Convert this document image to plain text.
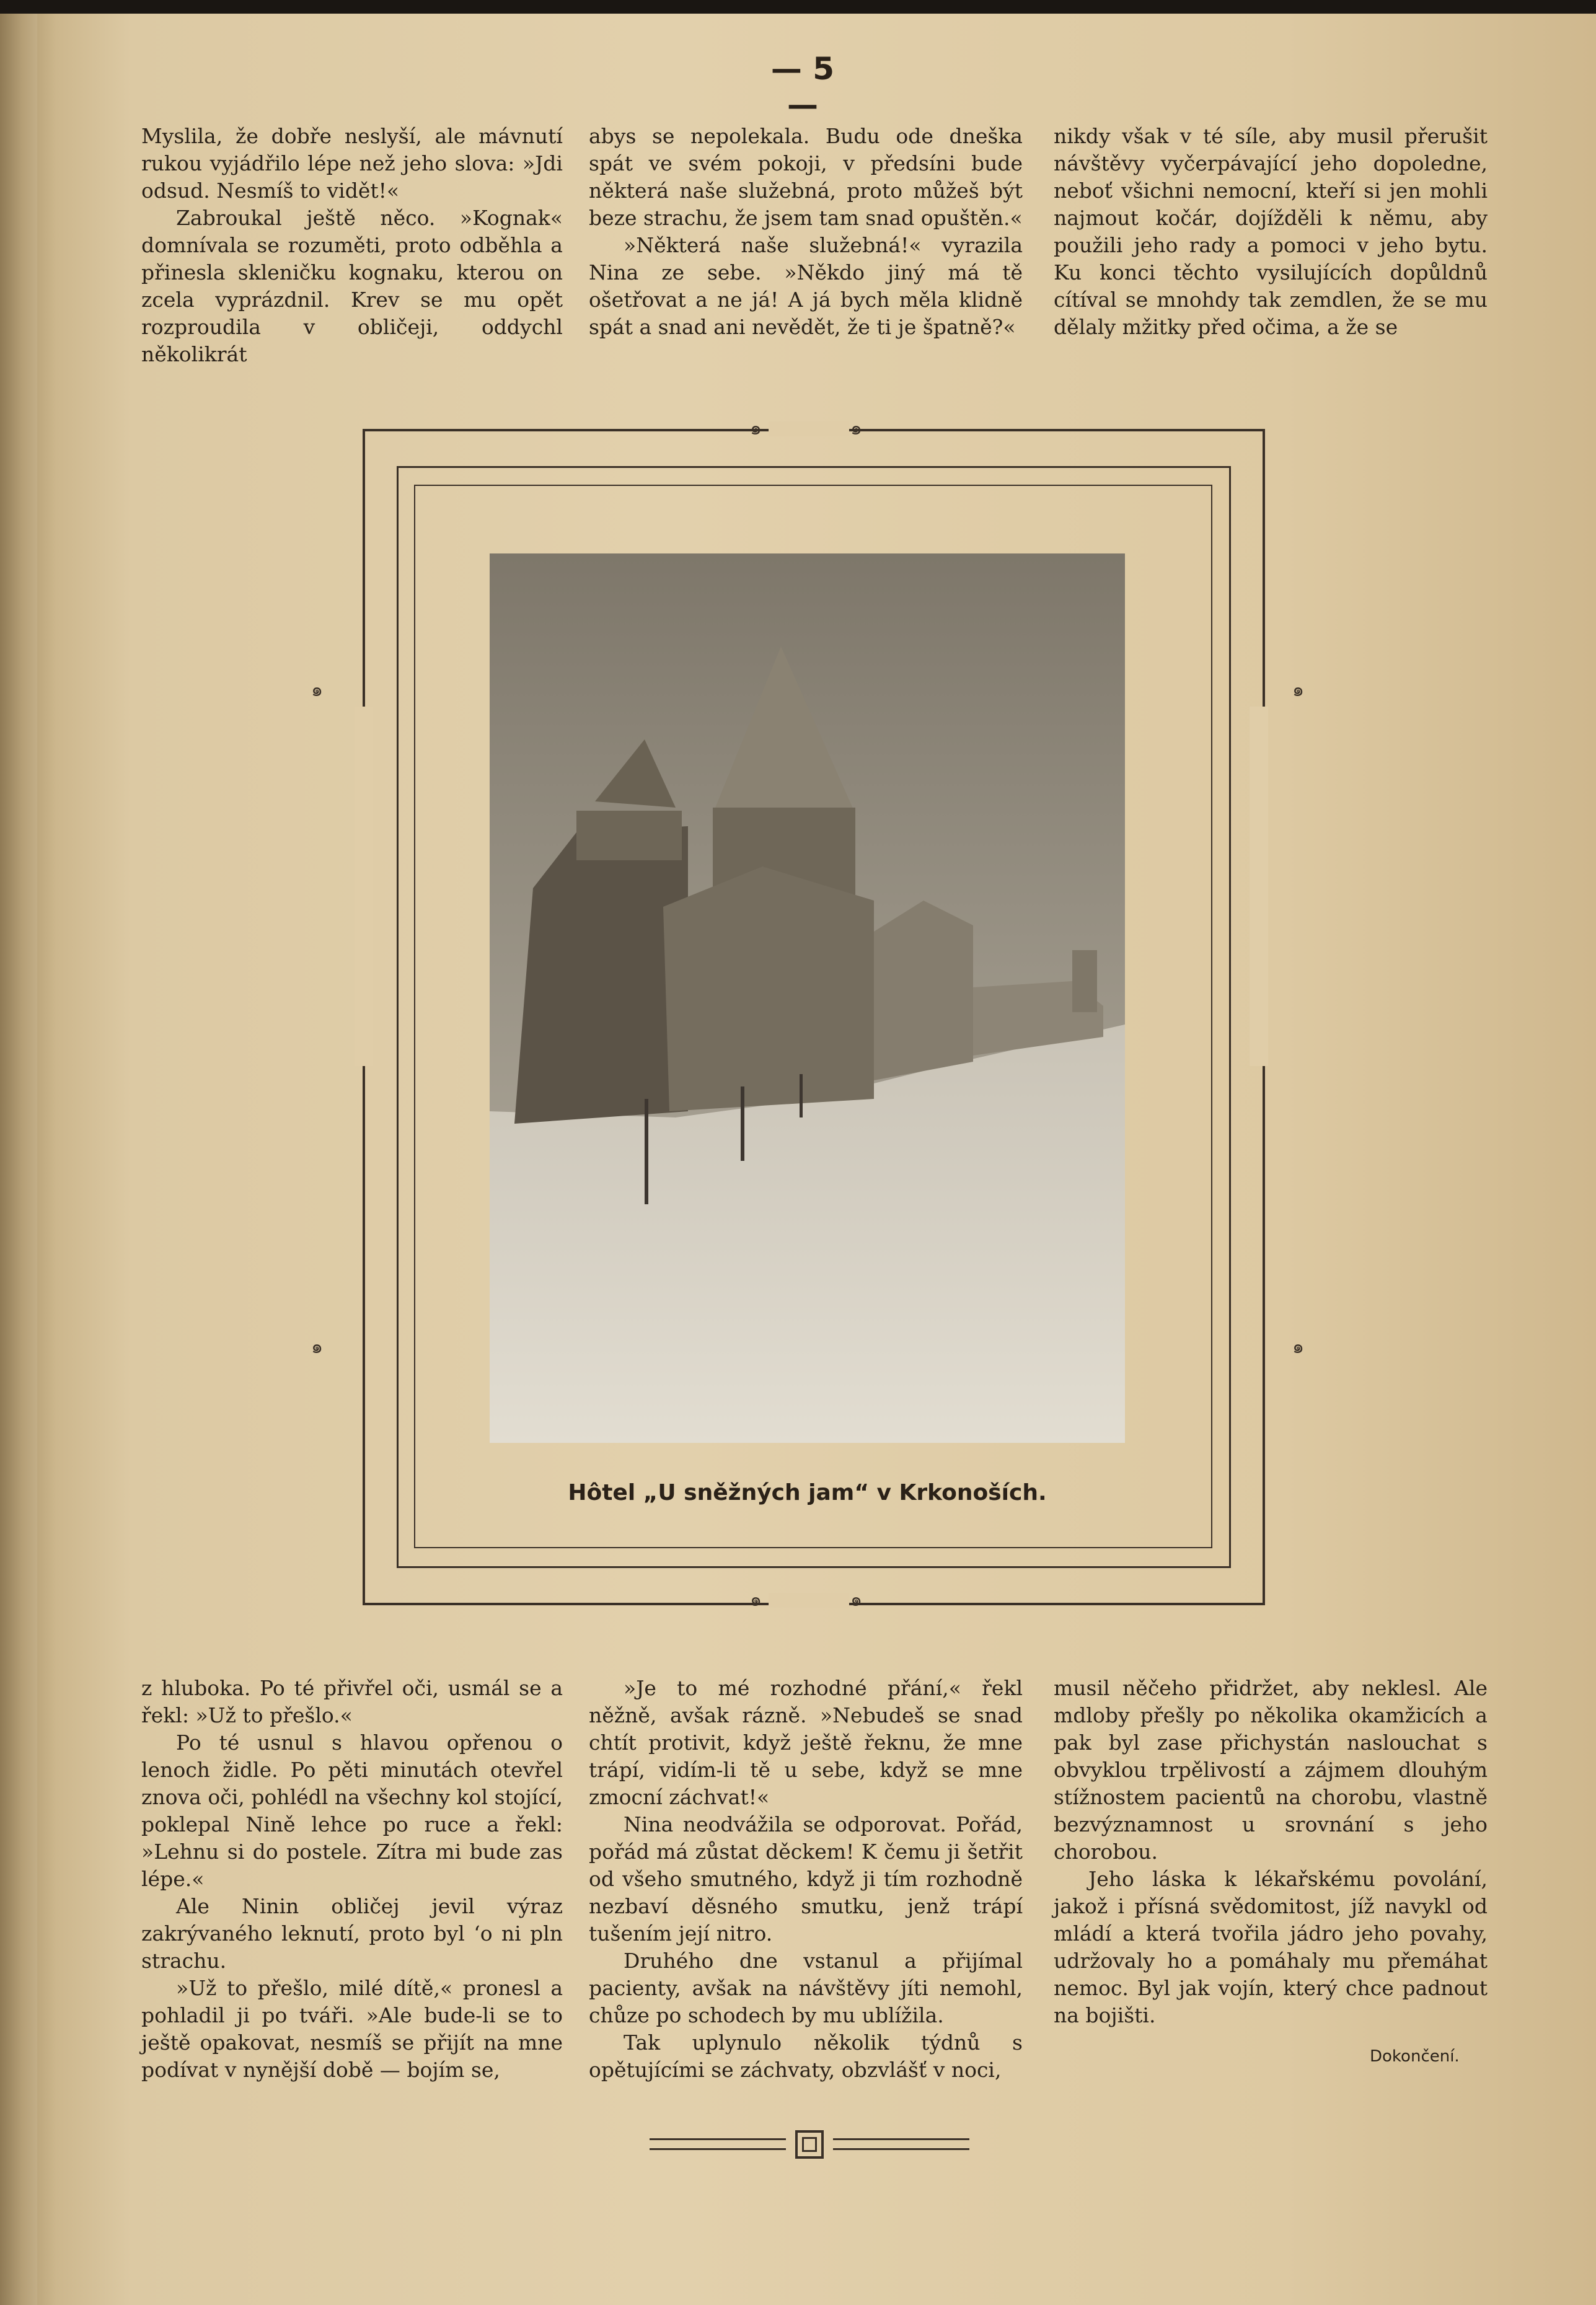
— 5 —

Myslila, že dobře neslyší, ale mávnutí rukou vyjádřilo lépe než jeho slova: »Jdi odsud. Nesmíš to vidět!«

Zabroukal ještě něco. »Kognak« domnívala se rozuměti, proto odběhla a přinesla skleničku kognaku, kterou on zcela vyprázdnil. Krev se mu opět rozproudila v obličeji, oddychl několikrát

abys se nepolekala. Budu ode dneška spát ve svém pokoji, v předsíni bude některá naše služebná, proto můžeš být beze strachu, že jsem tam snad opuštěn.«

»Některá naše služebná!« vyrazila Nina ze sebe. »Někdo jiný má tě ošetřovat a ne já! A já bych měla klidně spát a snad ani nevědět, že ti je špatně?«

nikdy však v té síle, aby musil přerušit návštěvy vyčerpávající jeho dopoledne, neboť všichni nemocní, kteří si jen mohli najmout kočár, dojížděli k němu, aby použili jeho rady a pomoci v jeho bytu. Ku konci těchto vysilujících dopůldnů cítíval se mnohdy tak zemdlen, že se mu dělaly mžitky před očima, a že se

๑	๑
๑	๑
๑
๑
๑
๑
Hôtel „U sněžných jam“ v Krkonoších.

z hluboka. Po té přivřel oči, usmál se a řekl: »Už to přešlo.«

Po té usnul s hlavou opřenou o lenoch židle. Po pěti minutách otevřel znova oči, pohlédl na všechny kol stojící, poklepal Nině lehce po ruce a řekl: »Lehnu si do postele. Zítra mi bude zas lépe.«

Ale Ninin obličej jevil výraz zakrývaného leknutí, proto byl ‘o ni pln strachu.

»Už to přešlo, milé dítě,« pronesl a pohladil ji po tváři. »Ale bude-li se to ještě opakovat, nesmíš se přijít na mne podívat v nynější době — bojím se,

»Je to mé rozhodné přání,« řekl něžně, avšak rázně. »Nebudeš se snad chtít protivit, když ještě řeknu, že mne trápí, vidím-li tě u sebe, když se mne zmocní záchvat!«

Nina neodvážila se odporovat. Pořád, pořád má zůstat děckem! K čemu ji šetřit od všeho smutného, když ji tím rozhodně nezbaví děsného smutku, jenž trápí tušením její nitro.

Druhého dne vstanul a přijímal pacienty, avšak na návštěvy jíti nemohl, chůze po schodech by mu ublížila.

Tak uplynulo několik týdnů s opětujícími se záchvaty, obzvlášť v noci,

musil něčeho přidržet, aby neklesl. Ale mdloby přešly po několika okamžicích a pak byl zase přichystán naslouchat s obvyklou trpělivostí a zájmem dlouhým stížnostem pacientů na chorobu, vlastně bezvýznamnost u srovnání s jeho chorobou.

Jeho láska k lékařskému povolání, jakož i přísná svědomitost, jíž navykl od mládí a která tvořila jádro jeho povahy, udržovaly ho a pomáhaly mu přemáhat nemoc. Byl jak vojín, který chce padnout na bojišti.

Dokončení.
